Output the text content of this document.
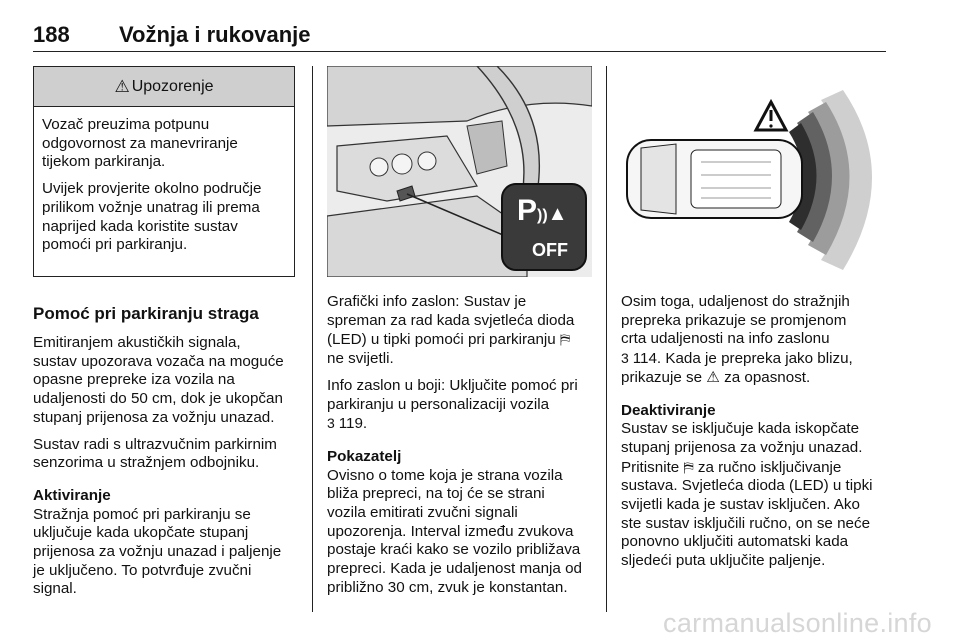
188 Vožnja i rukovanje
⚠ Upozorenje

Vozač preuzima potpunu
odgovornost za manevriranje
tijekom parkiranja.

Uvijek provjerite okolno područje
prilikom vožnje unatrag ili prema
naprijed kada koristite sustav
pomoći pri parkiranju.

Pomoć pri parkiranju straga

Emitiranjem akustičkih signala,
sustav upozorava vozača na moguće
opasne prepreke iza vozila na
udaljenosti do 50 cm, dok je ukopčan
stupanj prijenosa za vožnju unazad.

Sustav radi s ultrazvučnim parkirnim
senzorima u stražnjem odbojniku.

Aktiviranje

Stražnja pomoć pri parkiranju se
uključuje kada ukopčate stupanj
prijenosa za vožnju unazad i paljenje
je uključeno. To potvrđuje zvučni
signal.

P))▲
OFF

Grafički info zaslon: Sustav je
spreman za rad kada svjetleća dioda
(LED) u tipki pomoći pri parkiranju ⛿
ne svijetli.

Info zaslon u boji: Uključite pomoć pri
parkiranju u personalizaciji vozila
3 119.

Pokazatelj

Ovisno o tome koja je strana vozila
bliža prepreci, na toj će se strani
vozila emitirati zvučni signali
upozorenja. Interval između zvukova
postaje kraći kako se vozilo približava
prepreci. Kada je udaljenost manja od
približno 30 cm, zvuk je konstantan.

Osim toga, udaljenost do stražnjih
prepreka prikazuje se promjenom
crta udaljenosti na info zaslonu
3 114. Kada je prepreka jako blizu,
prikazuje se ⚠ za opasnost.

Deaktiviranje

Sustav se isključuje kada iskopčate
stupanj prijenosa za vožnju unazad.
Pritisnite ⛿ za ručno isključivanje
sustava. Svjetleća dioda (LED) u tipki
svijetli kada je sustav isključen. Ako
ste sustav isključili ručno, on se neće
ponovno uključiti automatski kada
sljedeći puta uključite paljenje.

carmanualsonline.info
